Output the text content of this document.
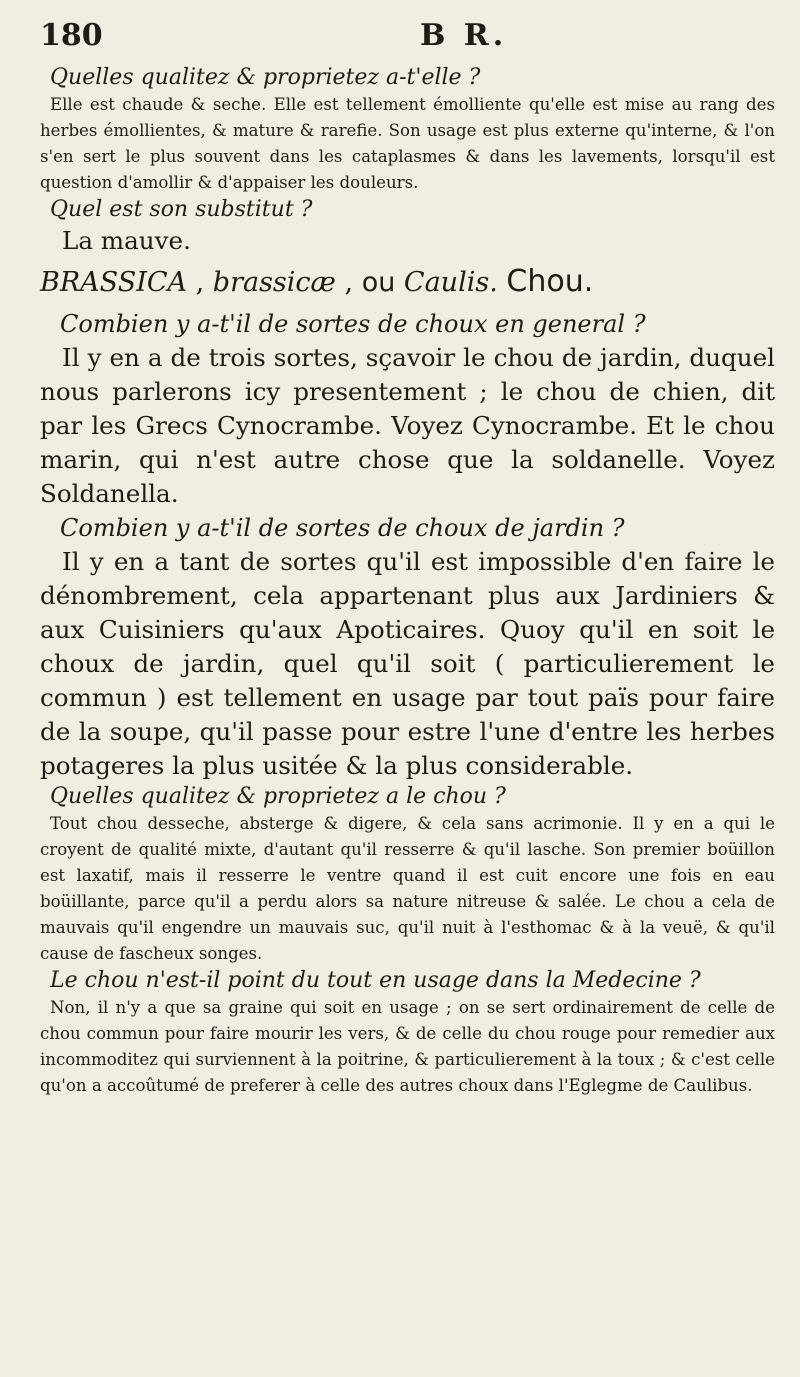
180	B R.

Quelles qualitez & proprietez a-t'elle ?

Elle est chaude & seche. Elle est tellement émolliente qu'elle est mise au rang des herbes émollientes, & mature & rarefie. Son usage est plus externe qu'interne, & l'on s'en sert le plus souvent dans les cataplasmes & dans les lavements, lorsqu'il est question d'amollir & d'appaiser les douleurs.

Quel est son substitut ?

La mauve.

BRASSICA , brassicæ , ou Caulis. Chou.

Combien y a-t'il de sortes de choux en general ?

Il y en a de trois sortes, sçavoir le chou de jardin, duquel nous parlerons icy presentement ; le chou de chien, dit par les Grecs Cynocrambe. Voyez Cynocrambe. Et le chou marin, qui n'est autre chose que la soldanelle. Voyez Soldanella.

Combien y a-t'il de sortes de choux de jardin ?

Il y en a tant de sortes qu'il est impossible d'en faire le dénombrement, cela appartenant plus aux Jardiniers & aux Cuisiniers qu'aux Apoticaires. Quoy qu'il en soit le choux de jardin, quel qu'il soit ( particulierement le commun ) est tellement en usage par tout païs pour faire de la soupe, qu'il passe pour estre l'une d'entre les herbes potageres la plus usitée & la plus considerable.

Quelles qualitez & proprietez a le chou ?

Tout chou desseche, absterge & digere, & cela sans acrimonie. Il y en a qui le croyent de qualité mixte, d'autant qu'il resserre & qu'il lasche. Son premier boüillon est laxatif, mais il resserre le ventre quand il est cuit encore une fois en eau boüillante, parce qu'il a perdu alors sa nature nitreuse & salée. Le chou a cela de mauvais qu'il engendre un mauvais suc, qu'il nuit à l'esthomac & à la veuë, & qu'il cause de fascheux songes.

Le chou n'est-il point du tout en usage dans la Medecine ?

Non, il n'y a que sa graine qui soit en usage ; on se sert ordinairement de celle de chou commun pour faire mourir les vers, & de celle du chou rouge pour remedier aux incommoditez qui surviennent à la poitrine, & particulierement à la toux ; & c'est celle qu'on a accoûtumé de preferer à celle des autres choux dans l'Eglegme de Caulibus.
